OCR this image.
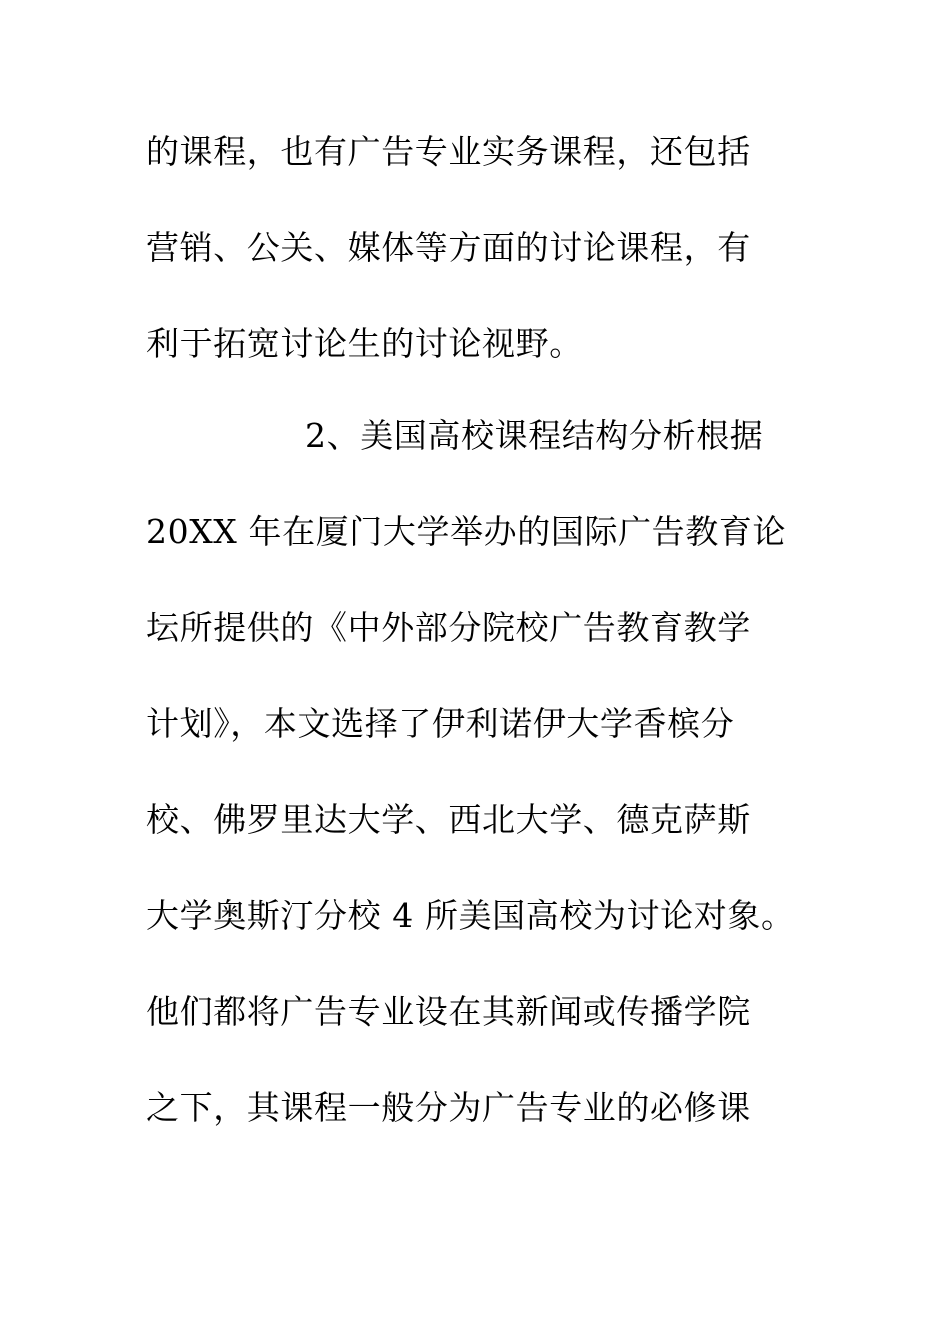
的课程，也有广告专业实务课程，还包括
营销、公关、媒体等方面的讨论课程，有
利于拓宽讨论生的讨论视野。
2、美国高校课程结构分析根据
20XX 年在厦门大学举办的国际广告教育论
坛所提供的《中外部分院校广告教育教学
计划》，本文选择了伊利诺伊大学香槟分
校、佛罗里达大学、西北大学、德克萨斯
大学奥斯汀分校 4 所美国高校为讨论对象。
他们都将广告专业设在其新闻或传播学院
之下，其课程一般分为广告专业的必修课
